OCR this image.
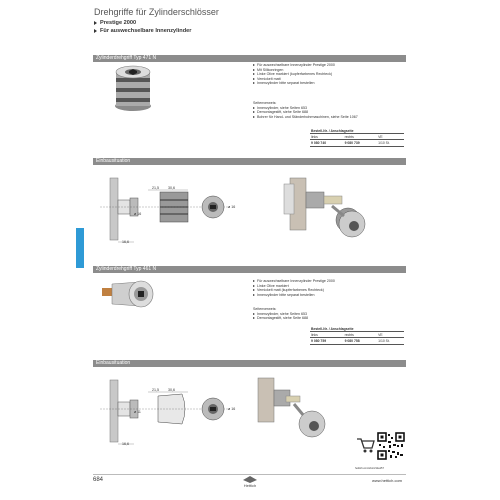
Drehgriffe für Zylinderschlösser
Prestige 2000
Für auswechselbare Innenzylinder
Zylinderdrehgriff Typ 471 N
Für auswechselbare Innenzylinder Prestige 2000
Mit Silikonringen
Linke Olive markiert (kupferfarbenes Rechteck)
Vernickelt matt
Innenzylinder bitte separat bestellen
Seitenverweis:
Innenzylinder, siehe Seiten 653
Demontagestift, siehe Seite 688
Bohrer für Hand- und Ständerbohrmaschinen, siehe Seite 1067
Bestell-Nr. / Anschlagseite		
links	rechts	VE
9 080 740	9 080 739	1/10 St.
Einbausituation
21,5	30,6
ø 16
ø 16
16,6
Zylinderdrehgriff Typ 461 N
Für auswechselbare Innenzylinder Prestige 2000
Linke Olive markiert
Vernickelt matt (kupferfarbenes Rechteck)
Innenzylinder bitte separat bestellen
Seitenverweis:
Innenzylinder, siehe Seiten 653
Demontagestift, siehe Seite 688
Bestell-Nr. / Anschlagseite		
links	rechts	VE
9 080 759	9 080 758	1/10 St.
Einbausituation
21,5	30,6
ø 11
ø 16
16,6
hettich.com/short/11a157
684
Hettich
www.hettich.com
